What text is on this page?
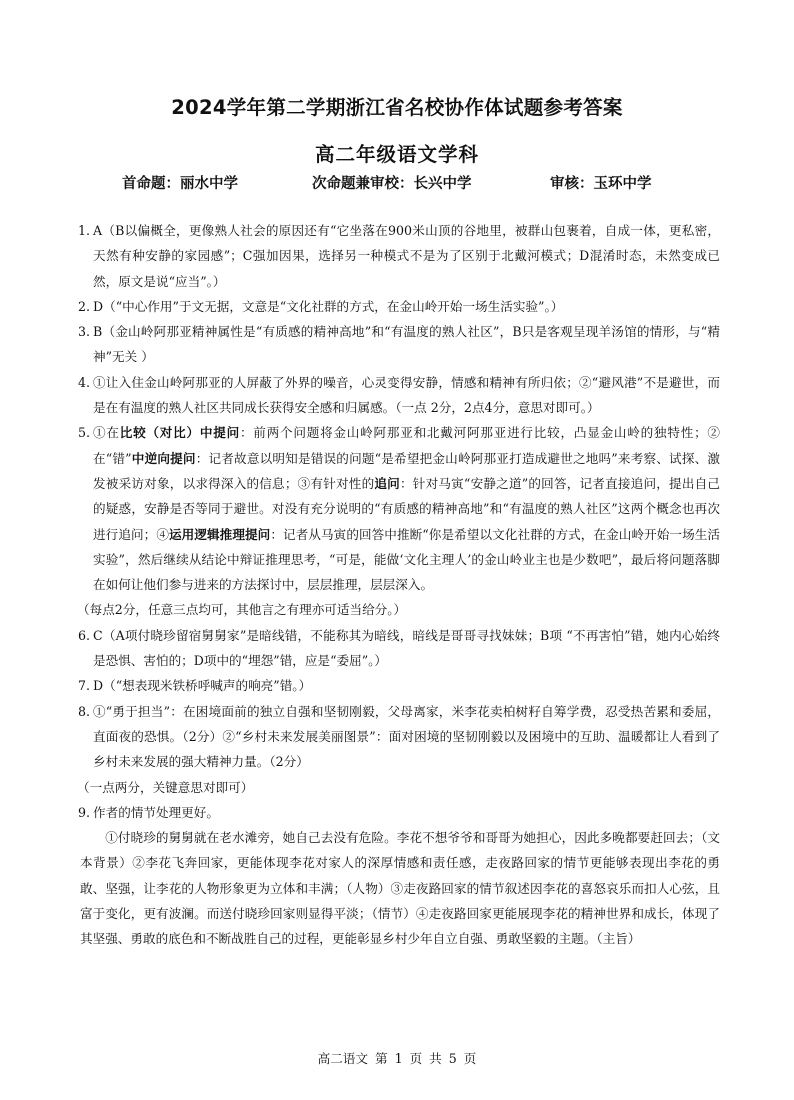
2024学年第二学期浙江省名校协作体试题参考答案
高二年级语文学科
首命题：丽水中学	次命题兼审校：长兴中学	审核：玉环中学
1. A（B以偏概全，更像熟人社会的原因还有“它坐落在900米山顶的谷地里，被群山包裹着，自成一体，更私密，天然有种安静的家园感”；C强加因果，选择另一种模式不是为了区别于北戴河模式；D混淆时态，未然变成已然，原文是说“应当”。）
2. D（“中心作用”于文无据，文意是“文化社群的方式，在金山岭开始一场生活实验”。）
3. B（金山岭阿那亚精神属性是“有质感的精神高地”和“有温度的熟人社区”，B只是客观呈现羊汤馆的情形，与“精神”无关 ）
4. ①让入住金山岭阿那亚的人屏蔽了外界的噪音，心灵变得安静，情感和精神有所归依；②“避风港”不是避世，而是在有温度的熟人社区共同成长获得安全感和归属感。（一点 2分，2点4分，意思对即可。）
5. ①在比较（对比）中提问：前两个问题将金山岭阿那亚和北戴河阿那亚进行比较，凸显金山岭的独特性；②在“错”中逆向提问：记者故意以明知是错误的问题“是希望把金山岭阿那亚打造成避世之地吗”来考察、试探、激发被采访对象，以求得深入的信息；③有针对性的追问：针对马寅“安静之道”的回答，记者直接追问，提出自己的疑惑，安静是否等同于避世。对没有充分说明的“有质感的精神高地”和“有温度的熟人社区”这两个概念也再次进行追问；④运用逻辑推理提问：记者从马寅的回答中推断“你是希望以文化社群的方式，在金山岭开始一场生活实验”，然后继续从结论中辩证推理思考，“可是，能做‘文化主理人’的金山岭业主也是少数吧”，最后将问题落脚在如何让他们参与进来的方法探讨中，层层推理，层层深入。
（每点2分，任意三点均可，其他言之有理亦可适当给分。）
6. C（A项付晓珍留宿舅舅家”是暗线错，不能称其为暗线，暗线是哥哥寻找妹妹；B项 “不再害怕”错，她内心始终是恐惧、害怕的；D项中的“埋怨”错，应是“委屈”。）
7. D（“想表现米铁桥呼喊声的响亮”错。）
8. ①“勇于担当”：在困境面前的独立自强和坚韧刚毅，父母离家，米李花卖柏树籽自筹学费，忍受热苦累和委屈，直面夜的恐惧。（2分）②“乡村未来发展美丽图景”：面对困境的坚韧刚毅以及困境中的互助、温暖都让人看到了乡村未来发展的强大精神力量。（2分）
（一点两分，关键意思对即可）
9. 作者的情节处理更好。
①付晓珍的舅舅就在老水滩旁，她自己去没有危险。李花不想爷爷和哥哥为她担心，因此多晚都要赶回去；（文本背景）②李花飞奔回家，更能体现李花对家人的深厚情感和责任感，走夜路回家的情节更能够表现出李花的勇敢、坚强，让李花的人物形象更为立体和丰满；（人物）③走夜路回家的情节叙述因李花的喜怒哀乐而扣人心弦，且富于变化，更有波澜。而送付晓珍回家则显得平淡；（情节）④走夜路回家更能展现李花的精神世界和成长，体现了其坚强、勇敢的底色和不断战胜自己的过程，更能彰显乡村少年自立自强、勇敢坚毅的主题。（主旨）
高二语文 第 1 页 共 5 页
